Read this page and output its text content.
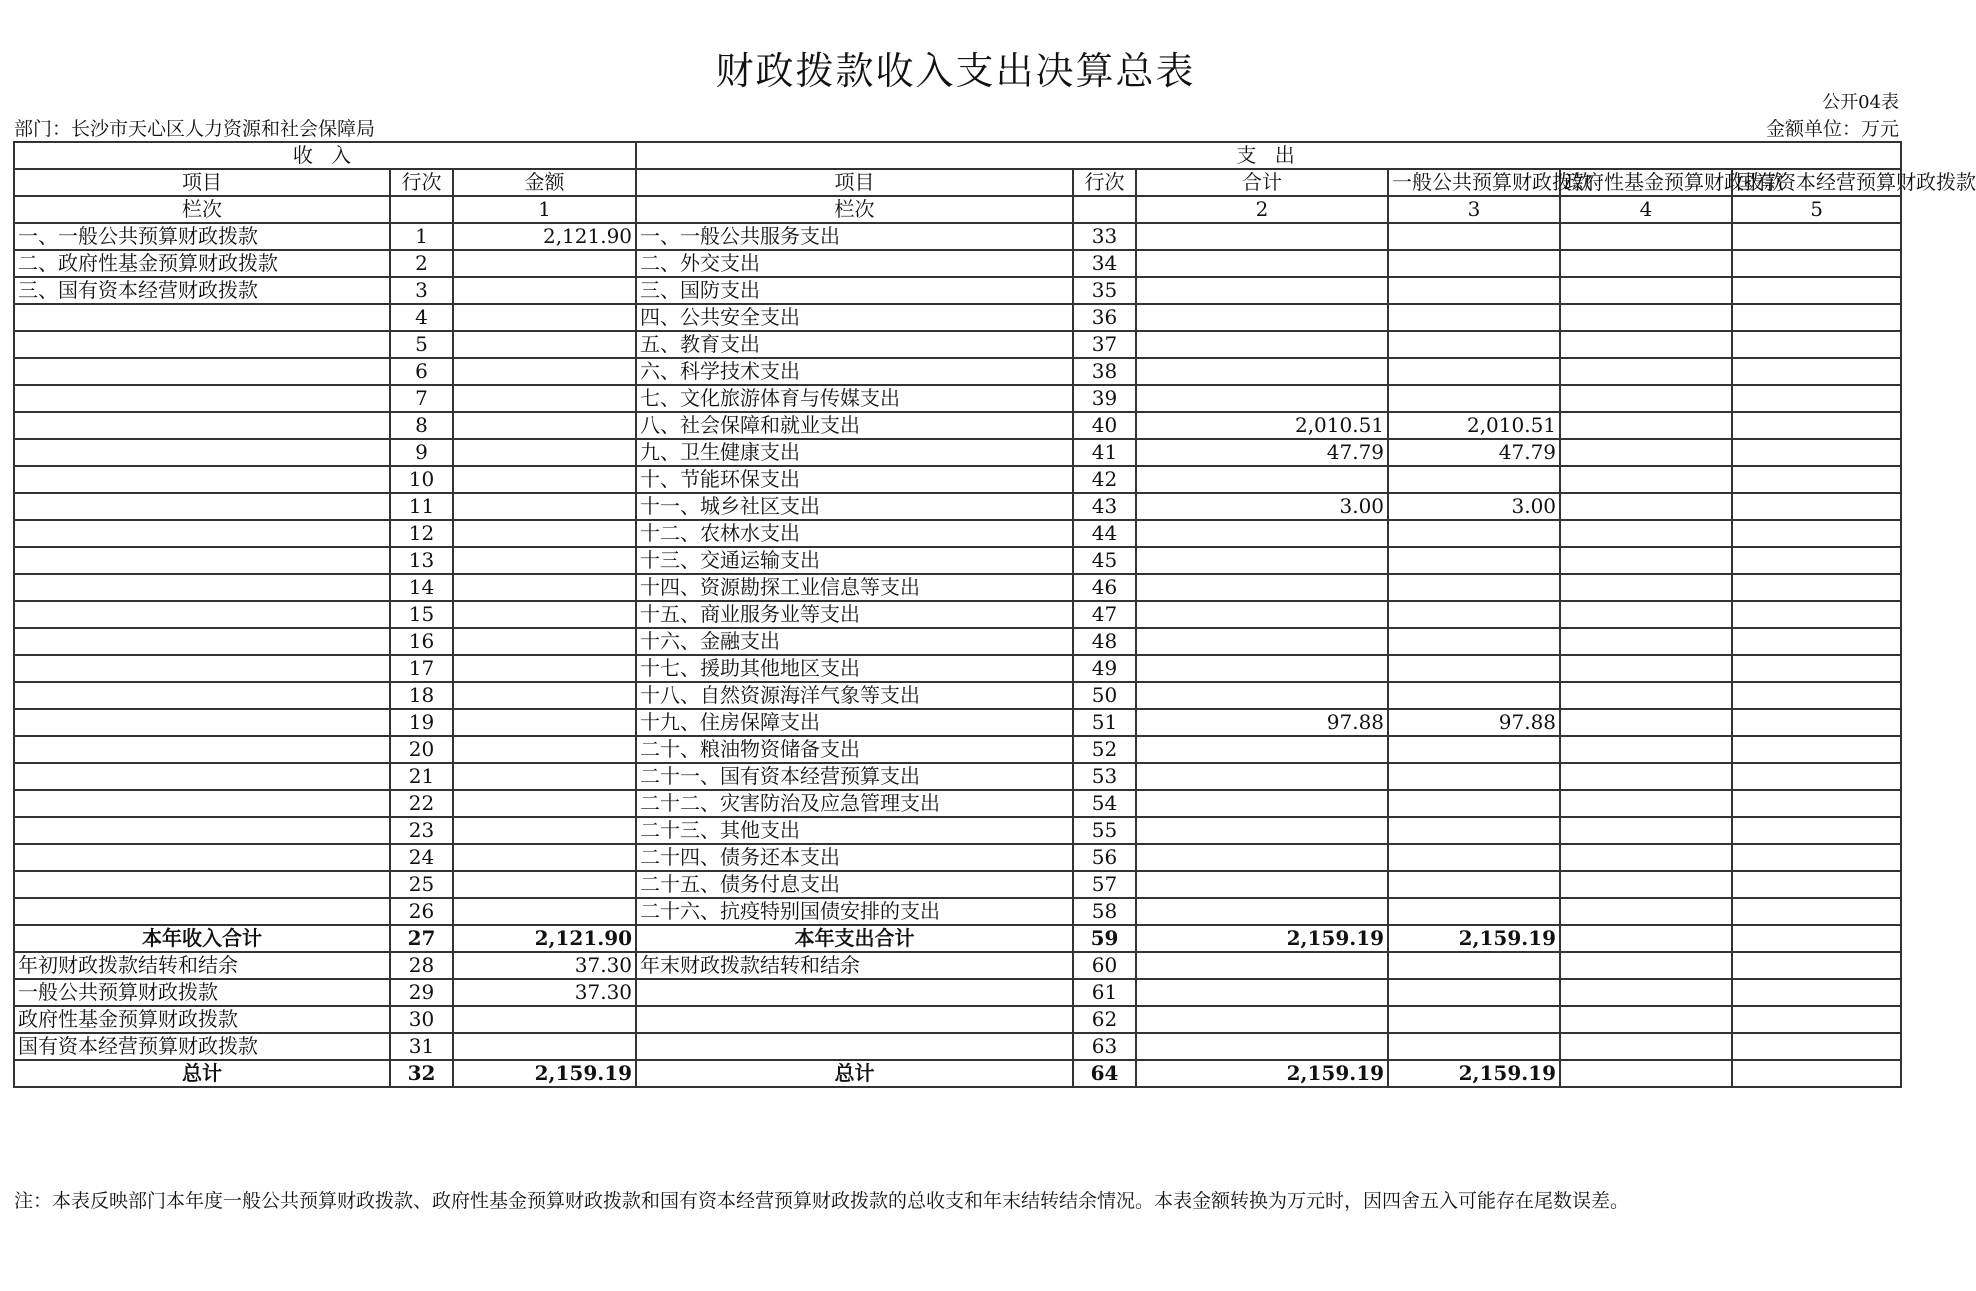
财政拨款收入支出决算总表
公开04表
部门：长沙市天心区人力资源和社会保障局	金额单位：万元
收 入			支 出					
项目	行次	金额	项目	行次	合计	一般公共预算财政拨款	政府性基金预算财政拨款	国有资本经营预算财政拨款
栏次		1	栏次		2	3	4	5
一、一般公共预算财政拨款	1	2,121.90	一、一般公共服务支出	33				
二、政府性基金预算财政拨款	2		二、外交支出	34				
三、国有资本经营财政拨款	3		三、国防支出	35				
	4		四、公共安全支出	36				
	5		五、教育支出	37				
	6		六、科学技术支出	38				
	7		七、文化旅游体育与传媒支出	39				
	8		八、社会保障和就业支出	40	2,010.51	2,010.51		
	9		九、卫生健康支出	41	47.79	47.79		
	10		十、节能环保支出	42				
	11		十一、城乡社区支出	43	3.00	3.00		
	12		十二、农林水支出	44				
	13		十三、交通运输支出	45				
	14		十四、资源勘探工业信息等支出	46				
	15		十五、商业服务业等支出	47				
	16		十六、金融支出	48				
	17		十七、援助其他地区支出	49				
	18		十八、自然资源海洋气象等支出	50				
	19		十九、住房保障支出	51	97.88	97.88		
	20		二十、粮油物资储备支出	52				
	21		二十一、国有资本经营预算支出	53				
	22		二十二、灾害防治及应急管理支出	54				
	23		二十三、其他支出	55				
	24		二十四、债务还本支出	56				
	25		二十五、债务付息支出	57				
	26		二十六、抗疫特别国债安排的支出	58				
本年收入合计	27	2,121.90	本年支出合计	59	2,159.19	2,159.19		
年初财政拨款结转和结余	28	37.30	年末财政拨款结转和结余	60				
一般公共预算财政拨款	29	37.30		61				
政府性基金预算财政拨款	30			62				
国有资本经营预算财政拨款	31			63				
总计	32	2,159.19	总计	64	2,159.19	2,159.19		
注：本表反映部门本年度一般公共预算财政拨款、政府性基金预算财政拨款和国有资本经营预算财政拨款的总收支和年末结转结余情况。本表金额转换为万元时，因四舍五入可能存在尾数误差。
